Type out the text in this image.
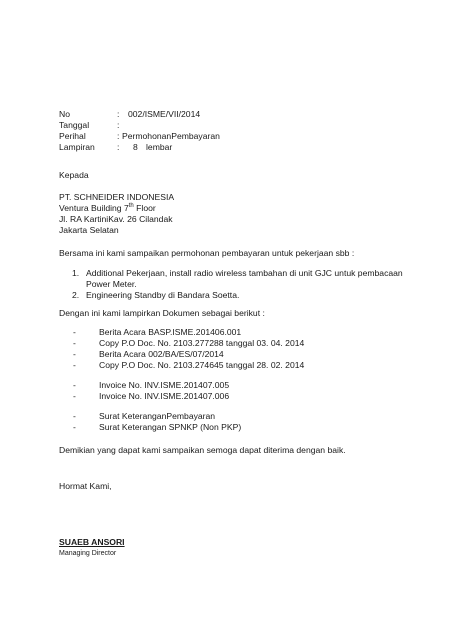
No	: 002/ISME/VII/2014
Tanggal	:
Perihal	: PermohonanPembayaran
Lampiran	: 8 lembar
Kepada
PT. SCHNEIDER INDONESIA
Ventura Building 7th Floor
Jl. RA KartiniKav. 26 Cilandak
Jakarta Selatan
Bersama ini kami sampaikan permohonan pembayaran untuk pekerjaan sbb :
1. Additional Pekerjaan, install radio wireless tambahan di unit GJC untuk pembacaan
Power Meter.
2. Engineering Standby di Bandara Soetta.
Dengan ini kami lampirkan Dokumen sebagai berikut :
-	Berita Acara BASP.ISME.201406.001
-	Copy P.O Doc. No. 2103.277288 tanggal 03. 04. 2014
-	Berita Acara 002/BA/ES/07/2014
-	Copy P.O Doc. No. 2103.274645 tanggal 28. 02. 2014
-	Invoice No. INV.ISME.201407.005
-	Invoice No. INV.ISME.201407.006
-	Surat KeteranganPembayaran
-	Surat Keterangan SPNKP (Non PKP)
Demikian yang dapat kami sampaikan semoga dapat diterima dengan baik.
Hormat Kami,
SUAEB ANSORI
Managing Director
